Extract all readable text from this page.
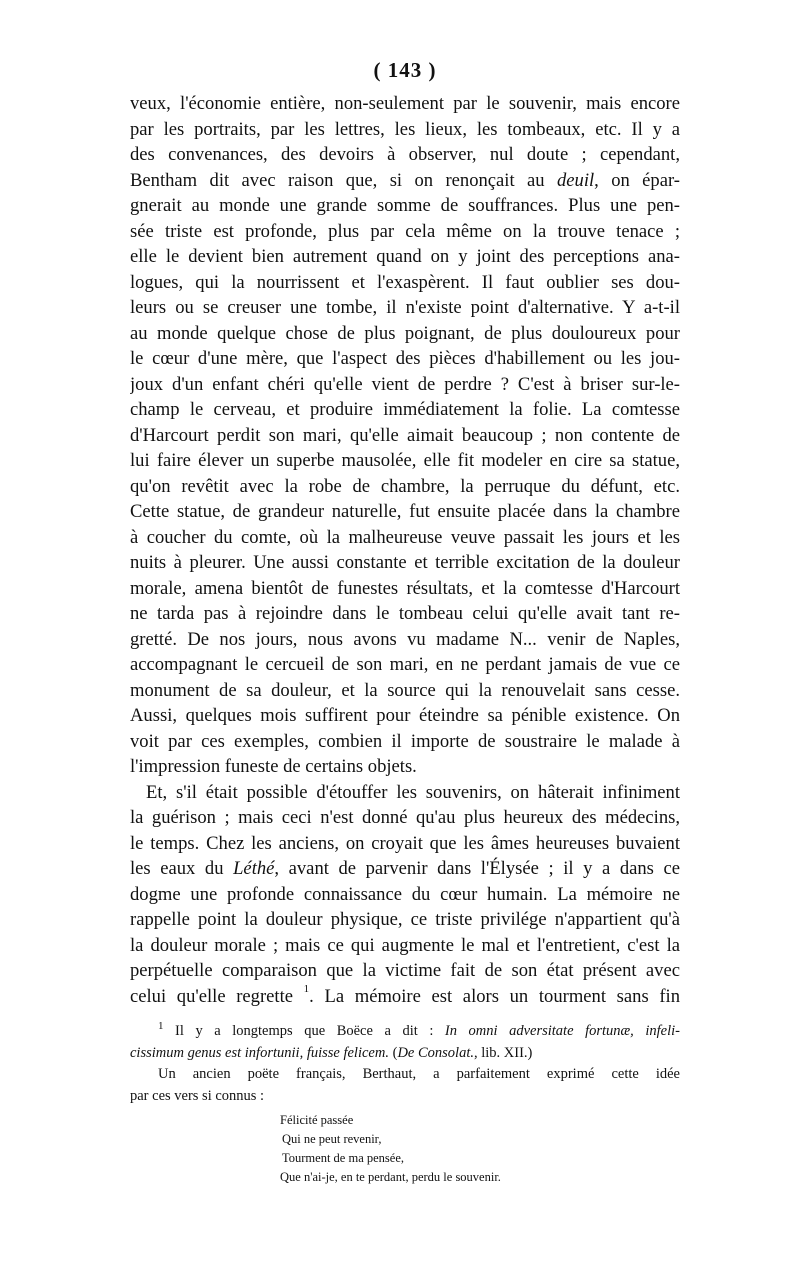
( 143 )
veux, l'économie entière, non-seulement par le souvenir, mais encore
par les portraits, par les lettres, les lieux, les tombeaux, etc. Il y a
des convenances, des devoirs à observer, nul doute ; cependant,
Bentham dit avec raison que, si on renonçait au deuil, on épar-
gnerait au monde une grande somme de souffrances. Plus une pen-
sée triste est profonde, plus par cela même on la trouve tenace ;
elle le devient bien autrement quand on y joint des perceptions ana-
logues, qui la nourrissent et l'exaspèrent. Il faut oublier ses dou-
leurs ou se creuser une tombe, il n'existe point d'alternative. Y a-t-il
au monde quelque chose de plus poignant, de plus douloureux pour
le cœur d'une mère, que l'aspect des pièces d'habillement ou les jou-
joux d'un enfant chéri qu'elle vient de perdre ? C'est à briser sur-le-
champ le cerveau, et produire immédiatement la folie. La comtesse
d'Harcourt perdit son mari, qu'elle aimait beaucoup ; non contente de
lui faire élever un superbe mausolée, elle fit modeler en cire sa statue,
qu'on revêtit avec la robe de chambre, la perruque du défunt, etc.
Cette statue, de grandeur naturelle, fut ensuite placée dans la chambre
à coucher du comte, où la malheureuse veuve passait les jours et les
nuits à pleurer. Une aussi constante et terrible excitation de la douleur
morale, amena bientôt de funestes résultats, et la comtesse d'Harcourt
ne tarda pas à rejoindre dans le tombeau celui qu'elle avait tant re-
gretté. De nos jours, nous avons vu madame N... venir de Naples,
accompagnant le cercueil de son mari, en ne perdant jamais de vue ce
monument de sa douleur, et la source qui la renouvelait sans cesse.
Aussi, quelques mois suffirent pour éteindre sa pénible existence. On
voit par ces exemples, combien il importe de soustraire le malade à
l'impression funeste de certains objets.
Et, s'il était possible d'étouffer les souvenirs, on hâterait infiniment
la guérison ; mais ceci n'est donné qu'au plus heureux des médecins,
le temps. Chez les anciens, on croyait que les âmes heureuses buvaient
les eaux du Léthé, avant de parvenir dans l'Élysée ; il y a dans ce
dogme une profonde connaissance du cœur humain. La mémoire ne
rappelle point la douleur physique, ce triste privilége n'appartient qu'à
la douleur morale ; mais ce qui augmente le mal et l'entretient, c'est la
perpétuelle comparaison que la victime fait de son état présent avec
celui qu'elle regrette $^1$. La mémoire est alors un tourment sans fin
$^1$ Il y a longtemps que Boëce a dit : In omni adversitate fortunæ, infeli-
cissimum genus est infortunii, fuisse felicem. (De Consolat., lib. XII.)
Un ancien poëte français, Berthaut, a parfaitement exprimé cette idée
par ces vers si connus :
Félicité passée
Qui ne peut revenir,
Tourment de ma pensée,
Que n'ai-je, en te perdant, perdu le souvenir.
